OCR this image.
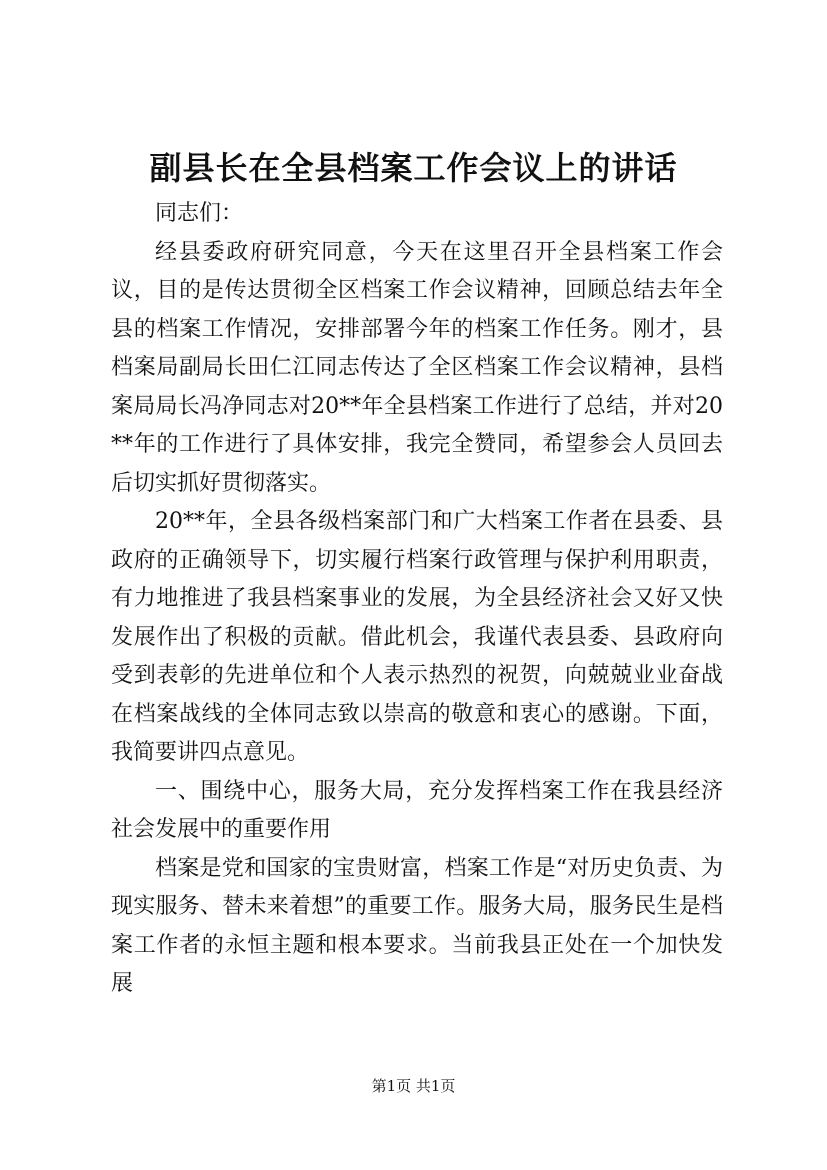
副县长在全县档案工作会议上的讲话

同志们：

经县委政府研究同意，今天在这里召开全县档案工作会议，目的是传达贯彻全区档案工作会议精神，回顾总结去年全县的档案工作情况，安排部署今年的档案工作任务。刚才，县档案局副局长田仁江同志传达了全区档案工作会议精神，县档案局局长冯净同志对20**年全县档案工作进行了总结，并对20**年的工作进行了具体安排，我完全赞同，希望参会人员回去后切实抓好贯彻落实。

20**年，全县各级档案部门和广大档案工作者在县委、县政府的正确领导下，切实履行档案行政管理与保护利用职责，有力地推进了我县档案事业的发展，为全县经济社会又好又快发展作出了积极的贡献。借此机会，我谨代表县委、县政府向受到表彰的先进单位和个人表示热烈的祝贺，向兢兢业业奋战在档案战线的全体同志致以崇高的敬意和衷心的感谢。下面，我简要讲四点意见。

一、围绕中心，服务大局，充分发挥档案工作在我县经济社会发展中的重要作用

档案是党和国家的宝贵财富，档案工作是“对历史负责、为现实服务、替未来着想”的重要工作。服务大局，服务民生是档案工作者的永恒主题和根本要求。当前我县正处在一个加快发展

第1页 共1页
